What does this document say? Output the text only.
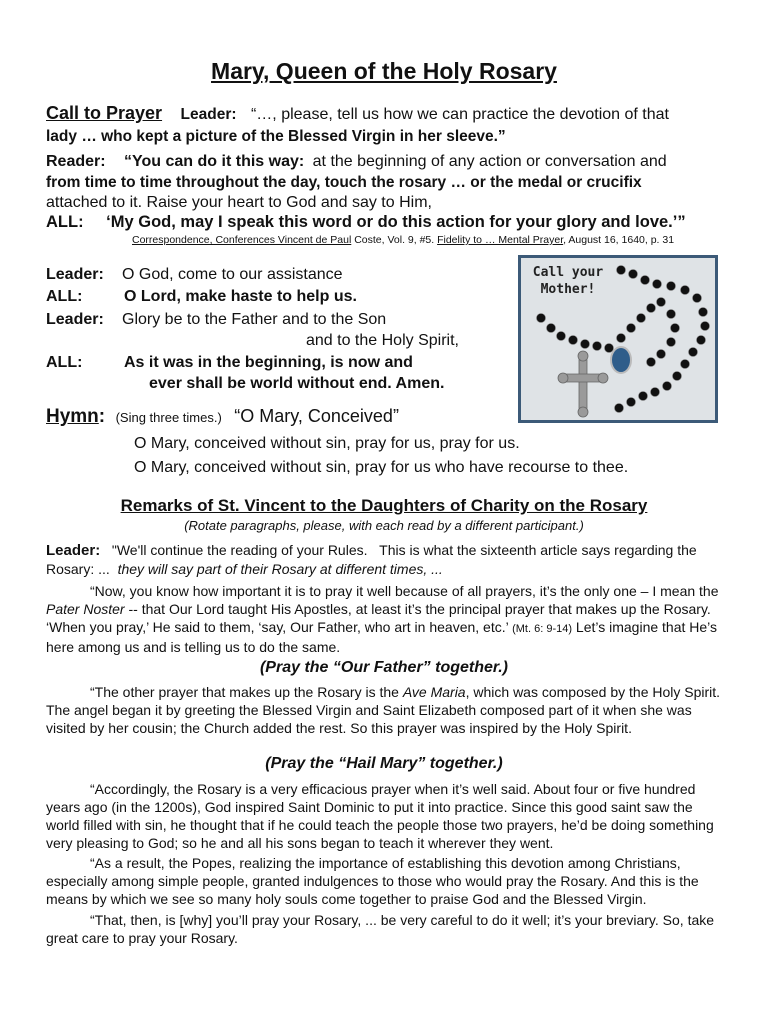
Mary, Queen of the Holy Rosary
Call to Prayer Leader: “…, please, tell us how we can practice the devotion of that
lady … who kept a picture of the Blessed Virgin in her sleeve.”
Reader: “You can do it this way: at the beginning of any action or conversation and
from time to time throughout the day, touch the rosary … or the medal or crucifix
attached to it. Raise your heart to God and say to Him,
ALL: ‘My God, may I speak this word or do this action for your glory and love.’”
Correspondence, Conferences Vincent de Paul Coste, Vol. 9, #5. Fidelity to … Mental Prayer, August 16, 1640, p. 31
Leader: O God, come to our assistance
ALL:	O Lord, make haste to help us.
Leader: Glory be to the Father and to the Son
and to the Holy Spirit,
ALL:	As it was in the beginning, is now and
ever shall be world without end. Amen.
Call your Mother!
Hymn: (Sing three times.) “O Mary, Conceived”
O Mary, conceived without sin, pray for us, pray for us.
O Mary, conceived without sin, pray for us who have recourse to thee.
Remarks of St. Vincent to the Daughters of Charity on the Rosary
(Rotate paragraphs, please, with each read by a different participant.)

Leader: "We'll continue the reading of your Rules. This is what the sixteenth article says regarding the Rosary: ... they will say part of their Rosary at different times, ...

“Now, you know how important it is to pray it well because of all prayers, it’s the only one – I mean the Pater Noster -- that Our Lord taught His Apostles, at least it’s the principal prayer that makes up the Rosary. ‘When you pray,’ He said to them, ‘say, Our Father, who art in heaven, etc.’ (Mt. 6: 9-14) Let’s imagine that He’s here among us and is telling us to do the same.

(Pray the “Our Father” together.)

“The other prayer that makes up the Rosary is the Ave Maria, which was composed by the Holy Spirit. The angel began it by greeting the Blessed Virgin and Saint Elizabeth composed part of it when she was visited by her cousin; the Church added the rest. So this prayer was inspired by the Holy Spirit.

(Pray the “Hail Mary” together.)

“Accordingly, the Rosary is a very efficacious prayer when it’s well said. About four or five hundred years ago (in the 1200s), God inspired Saint Dominic to put it into practice. Since this good saint saw the world filled with sin, he thought that if he could teach the people those two prayers, he’d be doing something very pleasing to God; so he and all his sons began to teach it wherever they went.

“As a result, the Popes, realizing the importance of establishing this devotion among Christians, especially among simple people, granted indulgences to those who would pray the Rosary. And this is the means by which we see so many holy souls come together to praise God and the Blessed Virgin.

“That, then, is [why] you’ll pray your Rosary, ... be very careful to do it well; it’s your breviary. So, take great care to pray your Rosary.
